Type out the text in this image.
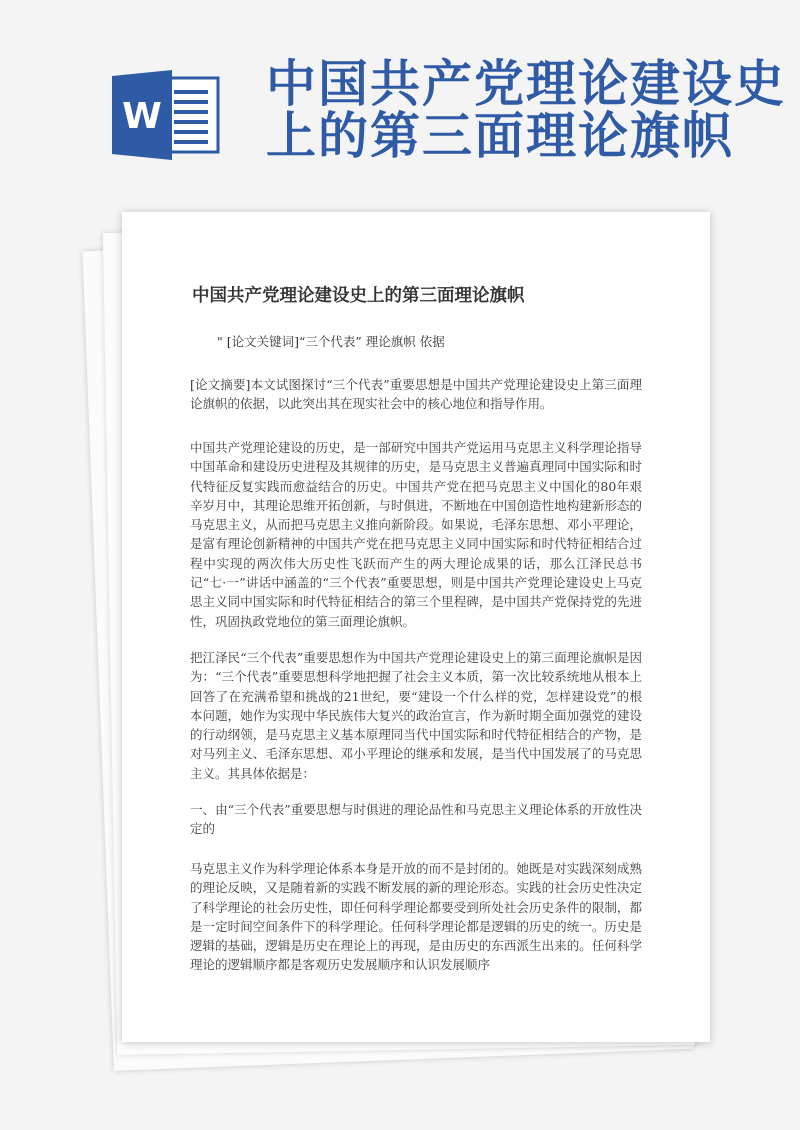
W
中国共产党理论建设史上的第三面理论旗帜
中国共产党理论建设史上的第三面理论旗帜
" [论文关键词]“三个代表” 理论旗帜 依据

[论文摘要]本文试图探讨“三个代表”重要思想是中国共产党理论建设史上第三面理论旗帜的依据，以此突出其在现实社会中的核心地位和指导作用。

中国共产党理论建设的历史，是一部研究中国共产党运用马克思主义科学理论指导中国革命和建设历史进程及其规律的历史，是马克思主义普遍真理同中国实际和时代特征反复实践而愈益结合的历史。中国共产党在把马克思主义中国化的80年艰辛岁月中，其理论思维开拓创新，与时俱进，不断地在中国创造性地构建新形态的马克思主义，从而把马克思主义推向新阶段。如果说，毛泽东思想、邓小平理论，是富有理论创新精神的中国共产党在把马克思主义同中国实际和时代特征相结合过程中实现的两次伟大历史性飞跃而产生的两大理论成果的话，那么江泽民总书记“七·一”讲话中涵盖的“三个代表”重要思想，则是中国共产党理论建设史上马克思主义同中国实际和时代特征相结合的第三个里程碑，是中国共产党保持党的先进性，巩固执政党地位的第三面理论旗帜。

把江泽民“三个代表”重要思想作为中国共产党理论建设史上的第三面理论旗帜是因为：“三个代表”重要思想科学地把握了社会主义本质，第一次比较系统地从根本上回答了在充满希望和挑战的21世纪，要“建设一个什么样的党，怎样建设党”的根本问题，她作为实现中华民族伟大复兴的政治宣言，作为新时期全面加强党的建设的行动纲领，是马克思主义基本原理同当代中国实际和时代特征相结合的产物，是对马列主义、毛泽东思想、邓小平理论的继承和发展，是当代中国发展了的马克思主义。其具体依据是：

一、由“三个代表”重要思想与时俱进的理论品性和马克思主义理论体系的开放性决定的

马克思主义作为科学理论体系本身是开放的而不是封闭的。她既是对实践深刻成熟的理论反映，又是随着新的实践不断发展的新的理论形态。实践的社会历史性决定了科学理论的社会历史性，即任何科学理论都要受到所处社会历史条件的限制，都是一定时间空间条件下的科学理论。任何科学理论都是逻辑的历史的统一。历史是逻辑的基础，逻辑是历史在理论上的再现，是由历史的东西派生出来的。任何科学理论的逻辑顺序都是客观历史发展顺序和认识发展顺序
